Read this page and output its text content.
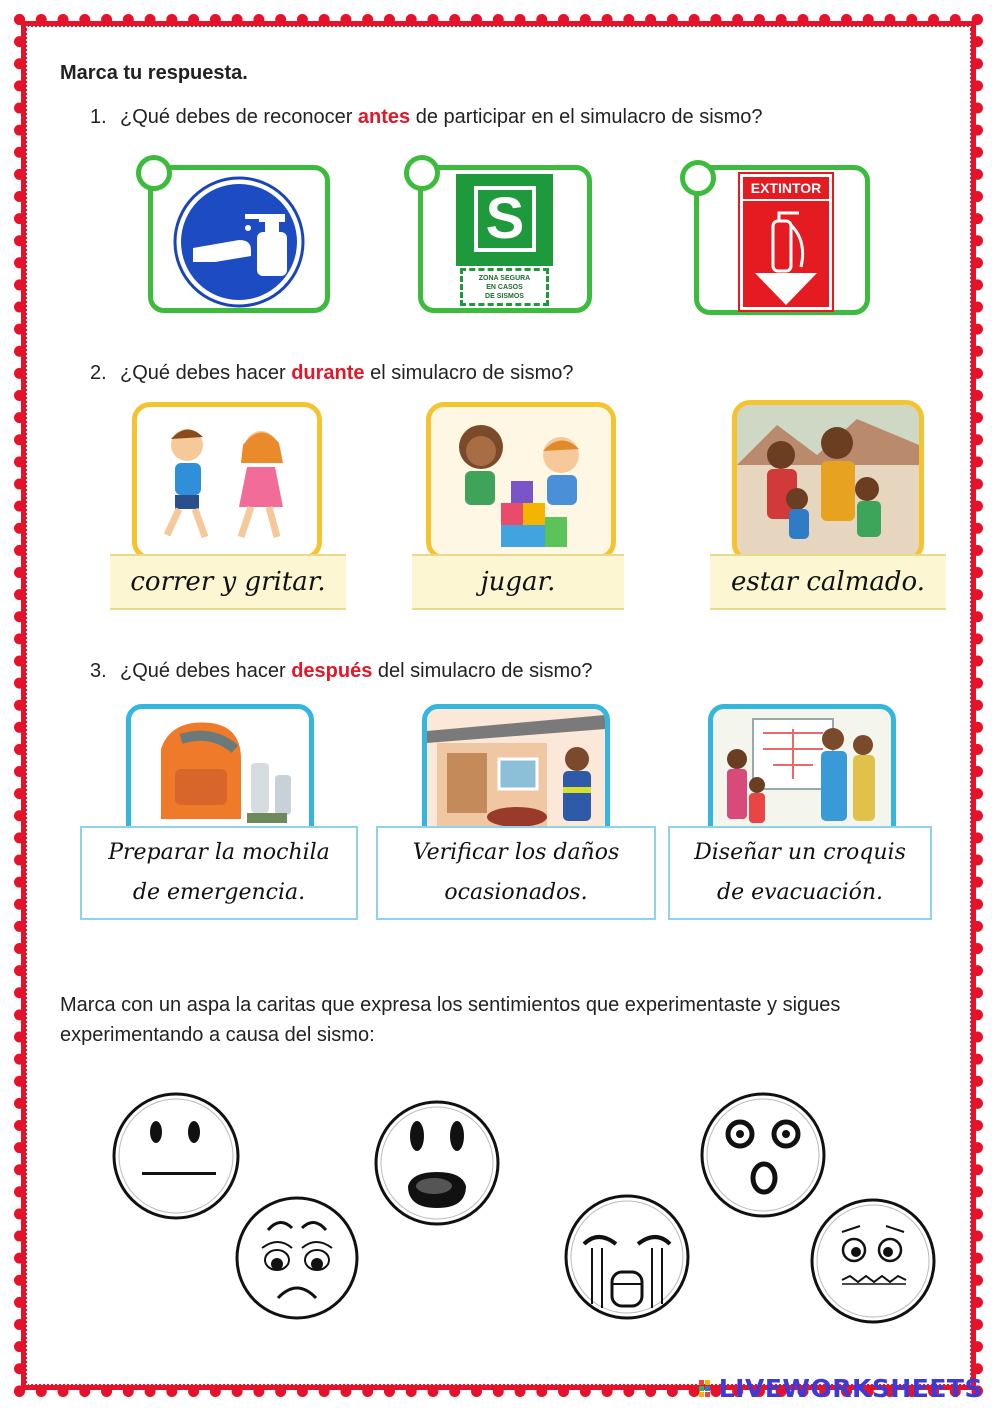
Marca tu respuesta.
1. ¿Qué debes de reconocer antes de participar en el simulacro de sismo?
S
ZONA SEGURA
EN CASOS
DE SISMOS
EXTINTOR
2. ¿Qué debes hacer durante el simulacro de sismo?
correr y gritar.	jugar.	estar calmado.
3. ¿Qué debes hacer después del simulacro de sismo?
Preparar la mochila
de emergencia.
Verificar los daños
ocasionados.
Diseñar un croquis
de evacuación.
Marca con un aspa la caritas que expresa los sentimientos que experimentaste y sigues experimentando a causa del sismo:
LIVEWORKSHEETS
